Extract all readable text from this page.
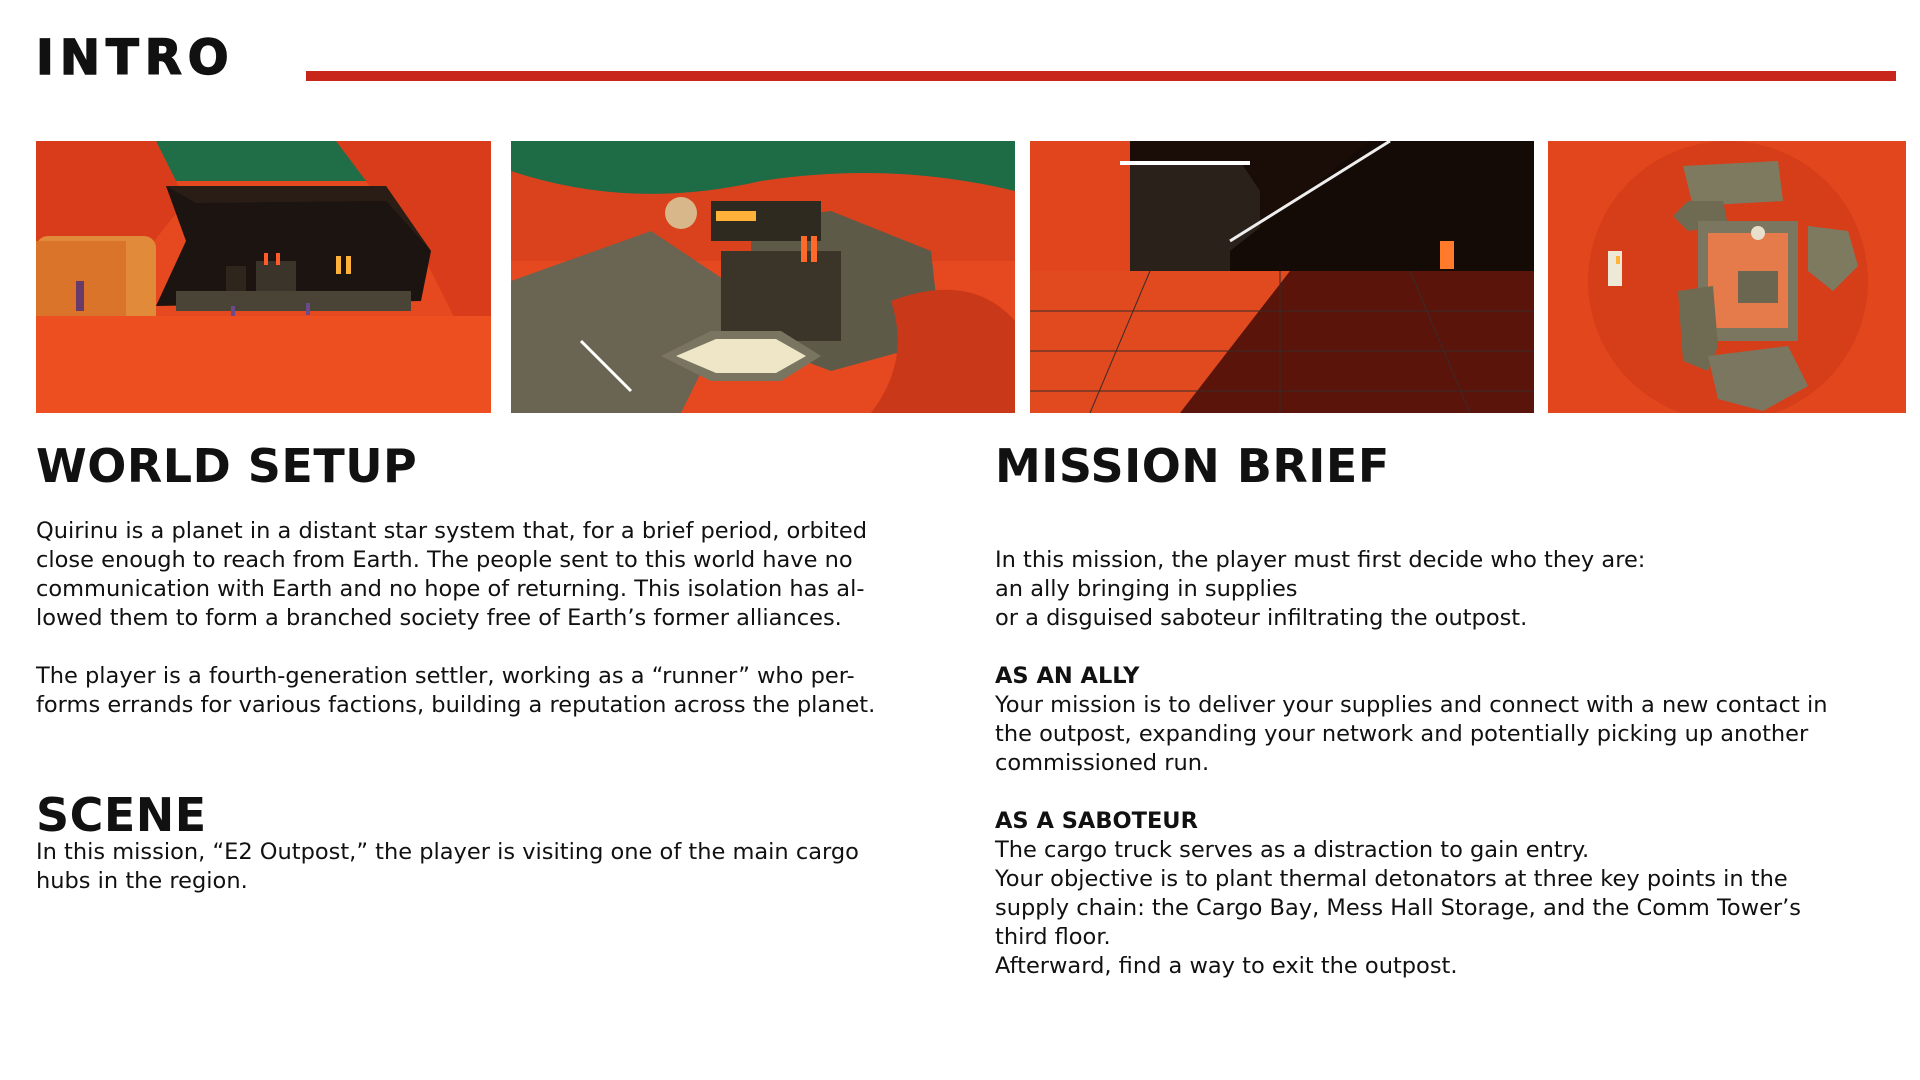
INTRO
WORLD SETUP

Quirinu is a planet in a distant star system that, for a brief period, orbited

close enough to reach from Earth. The people sent to this world have no

communication with Earth and no hope of returning. This isolation has al-

lowed them to form a branched society free of Earth’s former alliances.

The player is a fourth-generation settler, working as a “runner” who per-

forms errands for various factions, building a reputation across the planet.

SCENE

In this mission, “E2 Outpost,” the player is visiting one of the main cargo

hubs in the region.

MISSION BRIEF

In this mission, the player must first decide who they are:

an ally bringing in supplies

or a disguised saboteur infiltrating the outpost.

AS AN ALLY

Your mission is to deliver your supplies and connect with a new contact in

the outpost, expanding your network and potentially picking up another

commissioned run.

AS A SABOTEUR

The cargo truck serves as a distraction to gain entry.

Your objective is to plant thermal detonators at three key points in the

supply chain: the Cargo Bay, Mess Hall Storage, and the Comm Tower’s

third floor.

Afterward, find a way to exit the outpost.
